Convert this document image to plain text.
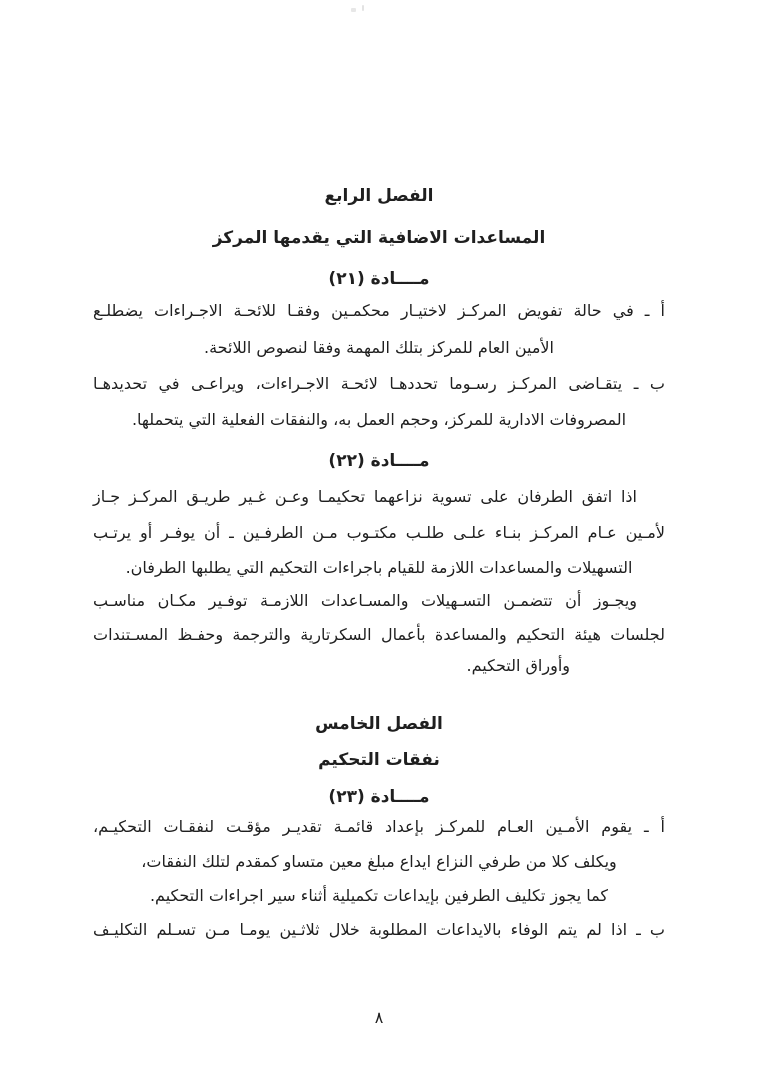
الفصل الرابع
المساعدات الاضافية التي يقدمها المركز
مــــادة (٢١)
أ ـ في حالة تفويض المركـز لاختيـار محكمـين وفقـا للائحـة الاجـراءات يضطلـع
الأمين العام للمركز بتلك المهمة وفقا لنصوص اللائحة.
ب ـ يتقـاضى المركـز رسـوما تحددهـا لائحـة الاجـراءات، ويراعـى في تحديدهـا
المصروفات الادارية للمركز، وحجم العمل به، والنفقات الفعلية التي يتحملها.
مــــادة (٢٢)
اذا اتفق الطرفان على تسوية نزاعهما تحكيمـا وعـن غـير طريـق المركـز جـاز
لأمـين عـام المركـز بنـاء علـى طلـب مكتـوب مـن الطرفـين ـ أن يوفـر أو يرتـب
التسهيلات والمساعدات اللازمة للقيام باجراءات التحكيم التي يطلبها الطرفان.
ويجـوز أن تتضمـن التسـهيلات والمسـاعدات اللازمـة توفـير مكـان مناسـب
لجلسات هيئة التحكيم والمساعدة بأعمال السكرتارية والترجمة وحفـظ المسـتندات
وأوراق التحكيم.
الفصل الخامس
نفقات التحكيم
مــــادة (٢٣)
أ ـ يقوم الأمـين العـام للمركـز بإعداد قائمـة تقديـر مؤقـت لنفقـات التحكيـم،
ويكلف كلا من طرفي النزاع ايداع مبلغ معين متساو كمقدم لتلك النفقات،
كما يجوز تكليف الطرفين بإيداعات تكميلية أثناء سير اجراءات التحكيم.
ب ـ اذا لم يتم الوفاء بالايداعات المطلوبة خلال ثلاثـين يومـا مـن تسـلم التكليـف
٨
